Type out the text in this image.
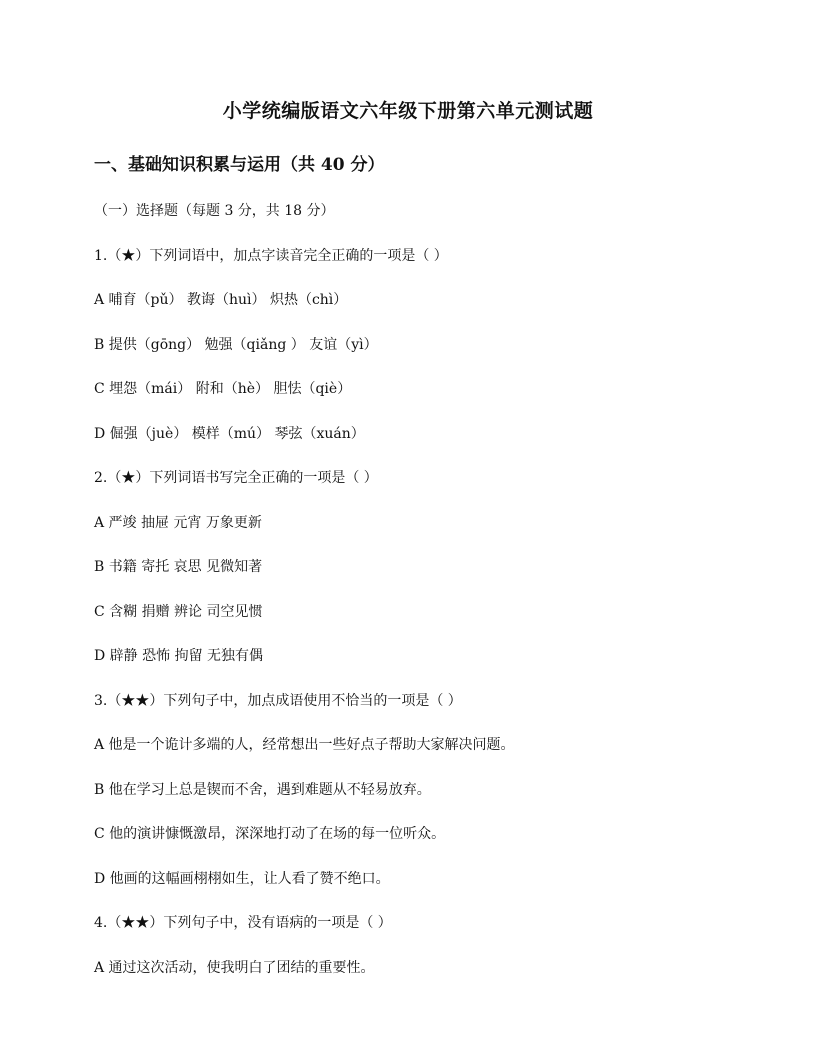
小学统编版语文六年级下册第六单元测试题
一、基础知识积累与运用（共 40 分）
（一）选择题（每题 3 分，共 18 分）
1.（★）下列词语中，加点字读音完全正确的一项是（ ）
A 哺育（pǔ） 教诲（huì） 炽热（chì）
B 提供（gōng） 勉强（qiǎng ） 友谊（yì）
C 埋怨（mái） 附和（hè） 胆怯（qiè）
D 倔强（juè） 模样（mú） 琴弦（xuán）
2.（★）下列词语书写完全正确的一项是（ ）
A 严竣 抽屉 元宵 万象更新
B 书籍 寄托 哀思 见微知著
C 含糊 捐赠 辨论 司空见惯
D 辟静 恐怖 拘留 无独有偶
3.（★★）下列句子中，加点成语使用不恰当的一项是（ ）
A 他是一个诡计多端的人，经常想出一些好点子帮助大家解决问题。
B 他在学习上总是锲而不舍，遇到难题从不轻易放弃。
C 他的演讲慷慨激昂，深深地打动了在场的每一位听众。
D 他画的这幅画栩栩如生，让人看了赞不绝口。
4.（★★）下列句子中，没有语病的一项是（ ）
A 通过这次活动，使我明白了团结的重要性。
